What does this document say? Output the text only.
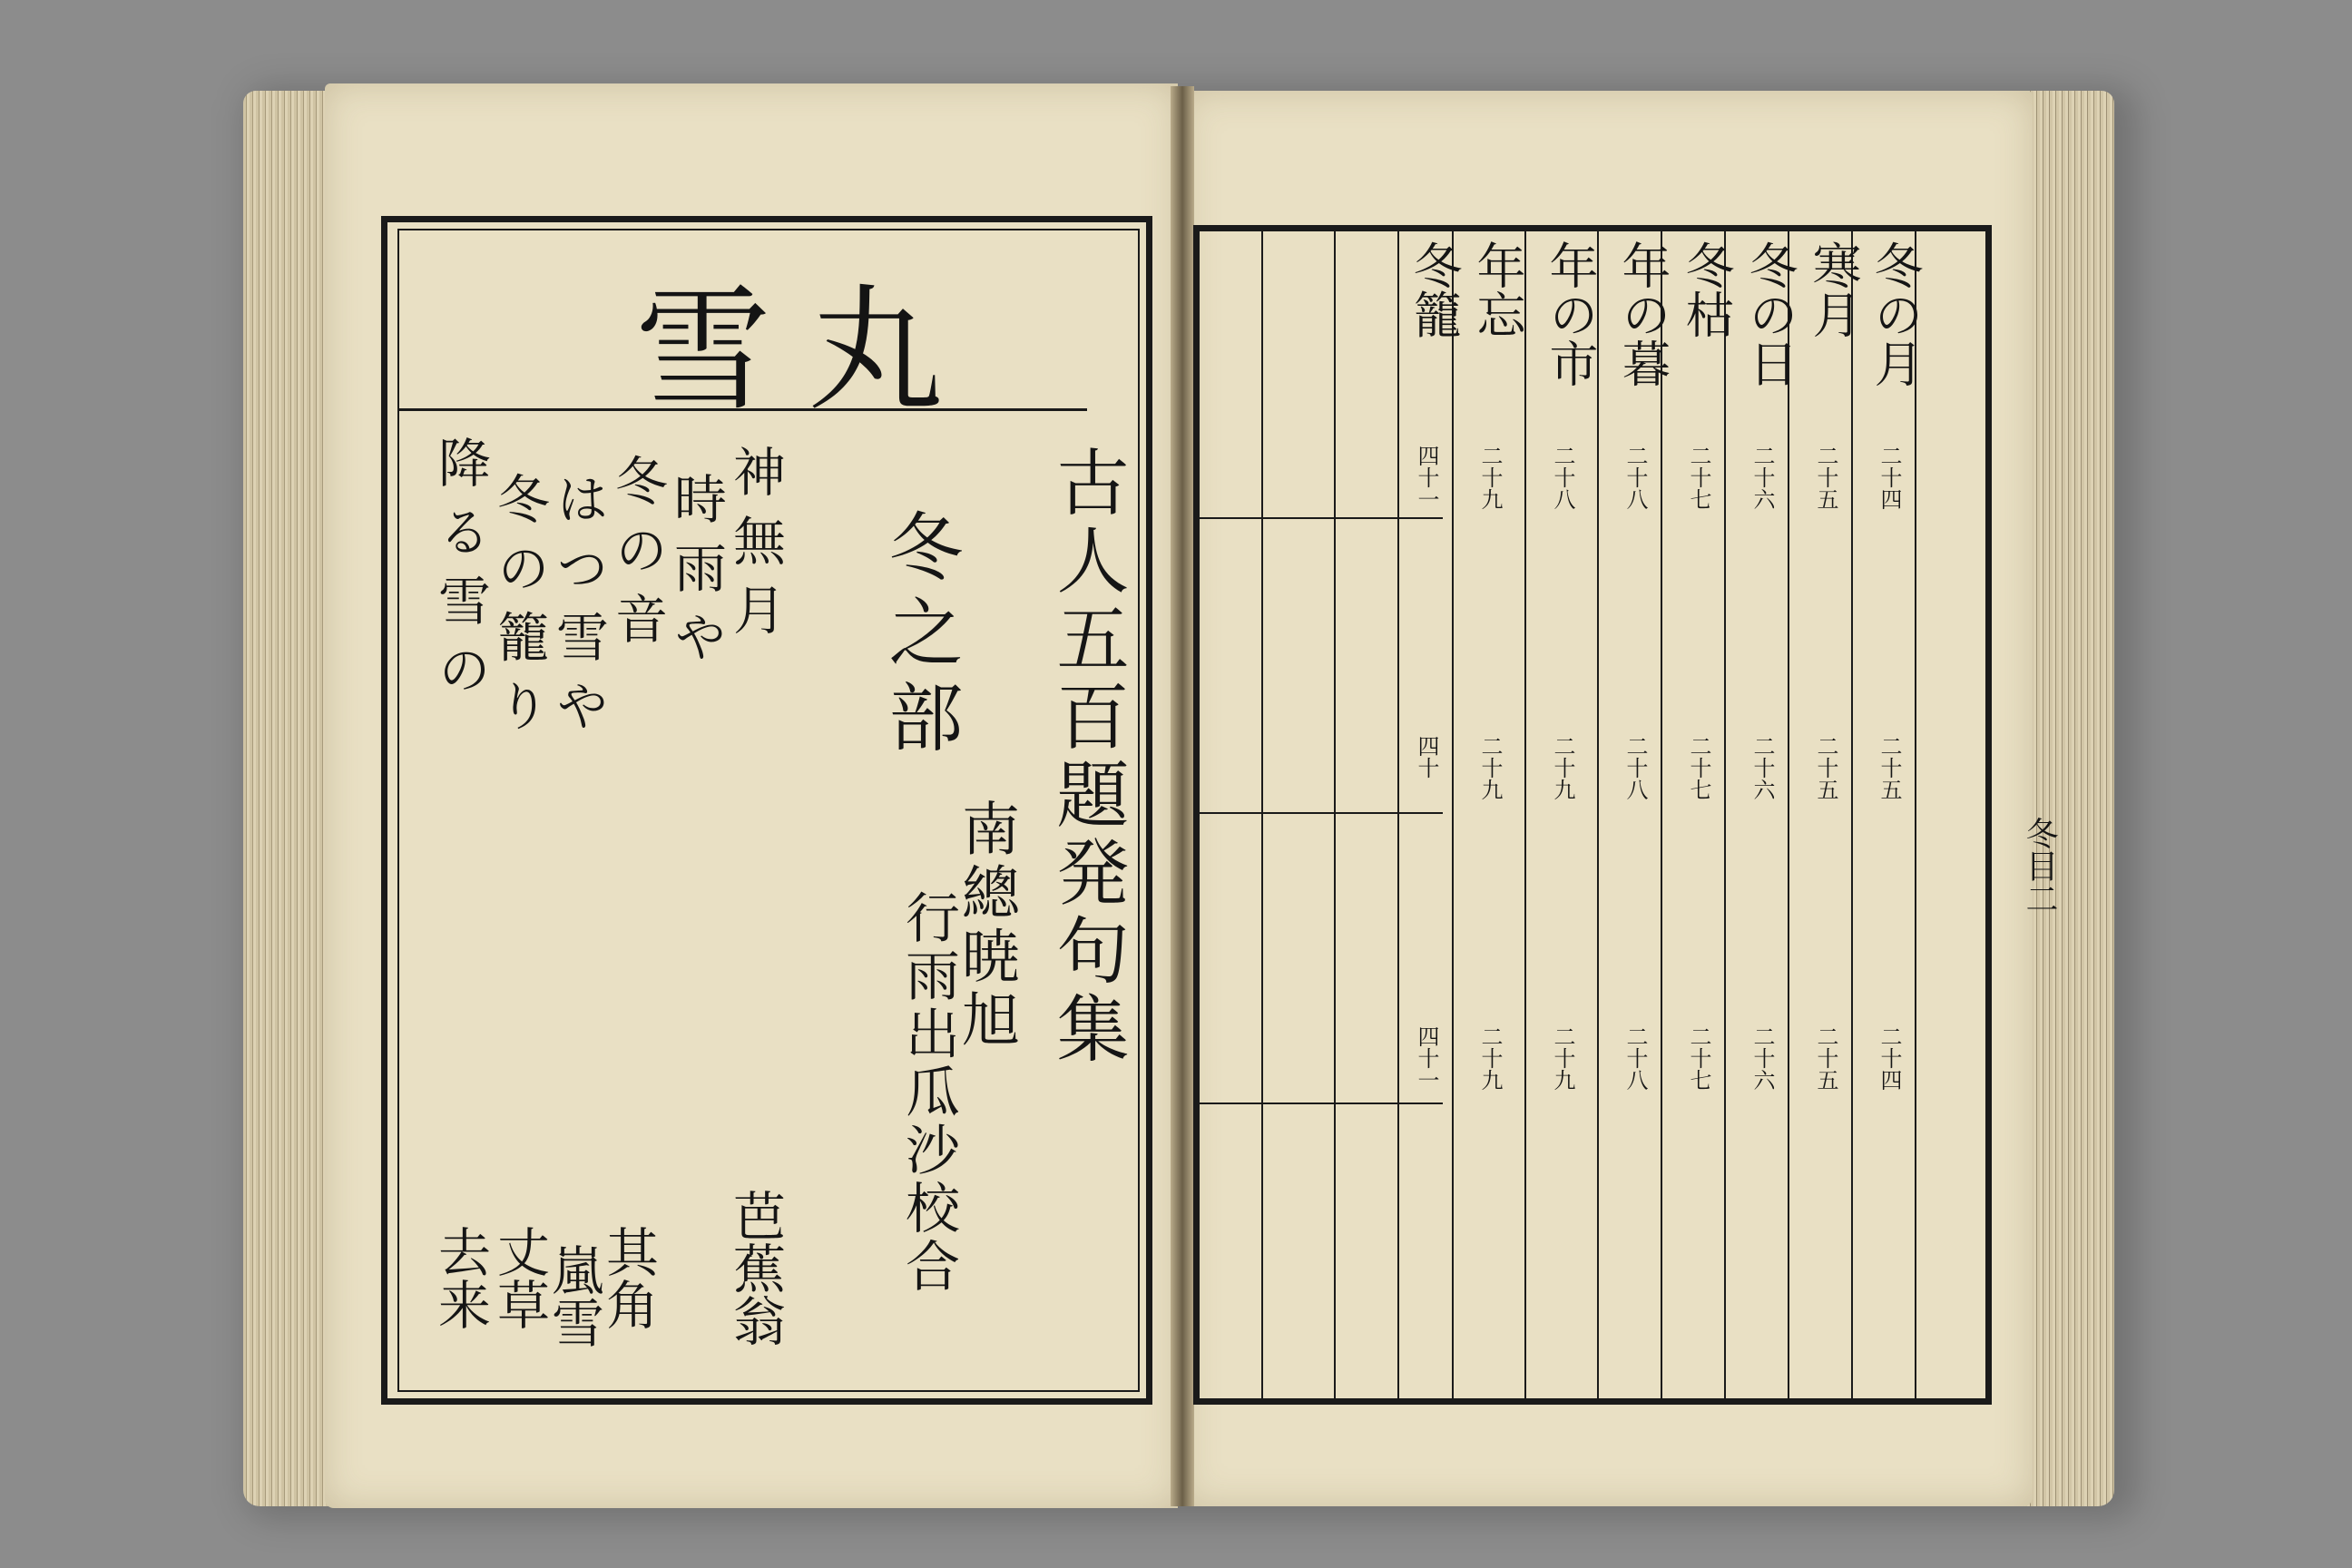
雪丸
古人五百題発句集
冬之部
南總暁旭
行雨出瓜沙校合
神無月
時雨や
冬の音
はつ雪や
冬の籠り
降る雪の
芭蕉翁
其角
嵐雪
丈草
去来
冬の月
寒月
冬の日
冬枯
年の暮
年の市
年忘
冬籠
二十四
二十五
二十四
二十五
二十五
二十五
二十六
二十六
二十六
二十七
二十七
二十七
二十八
二十八
二十八
二十八
二十九
二十九
二十九
二十九
二十九
四十一
四十
四十一
冬目二
